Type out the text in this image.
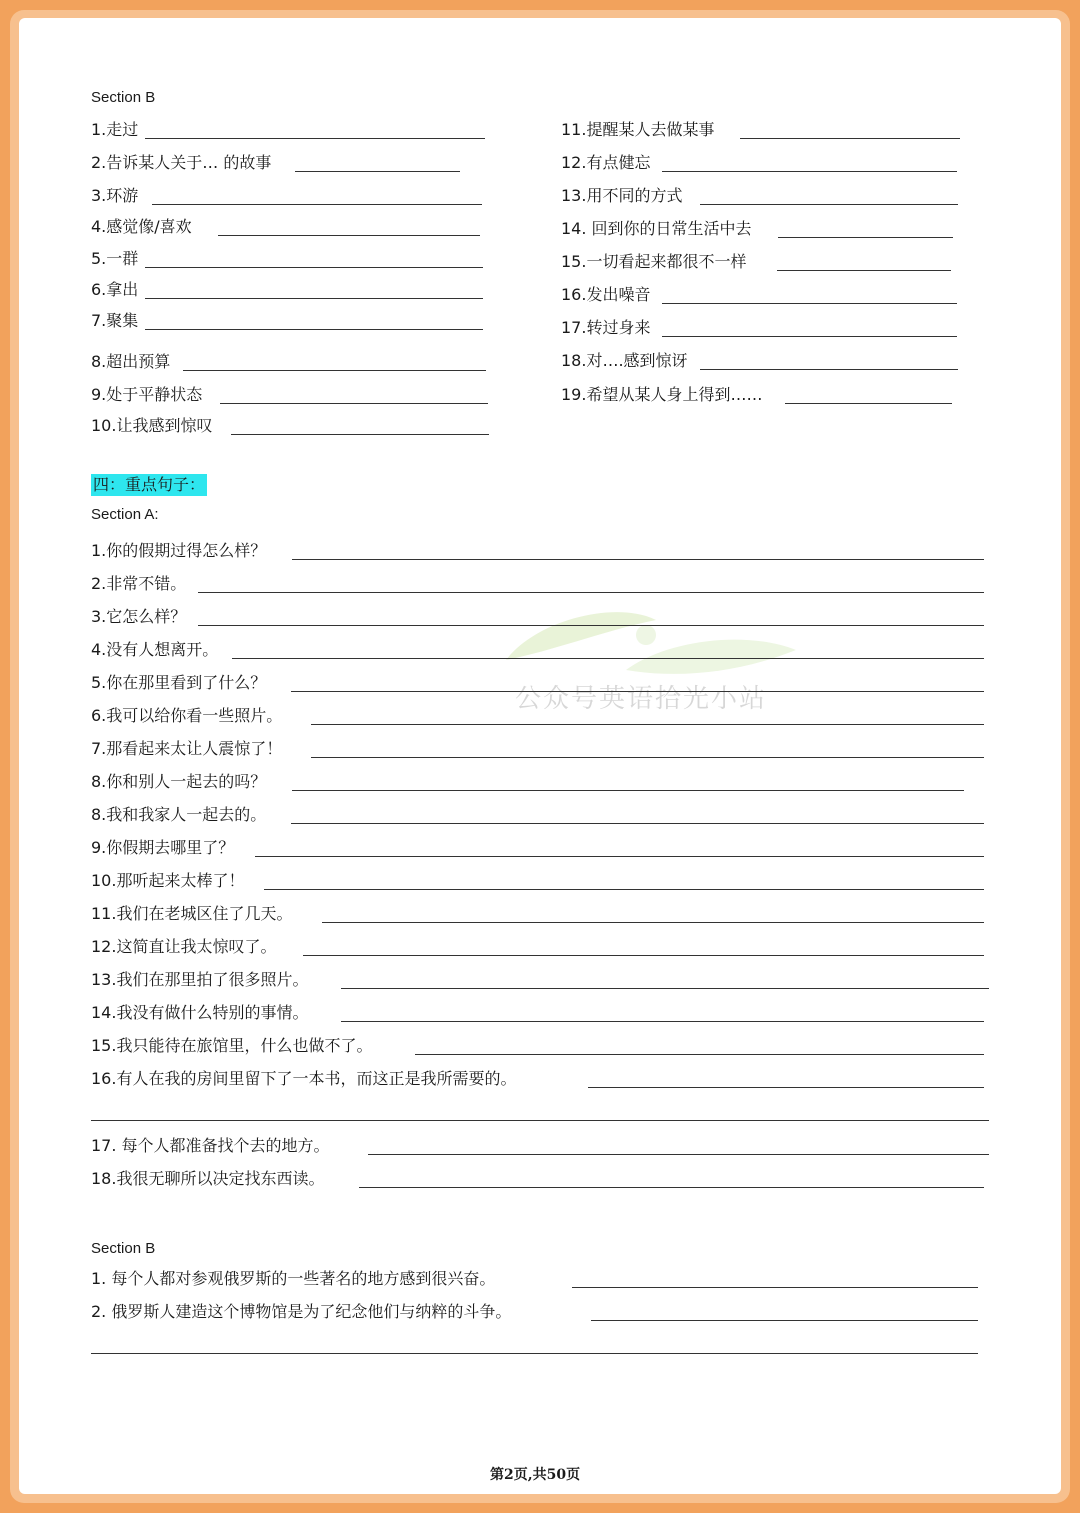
公众号英语拾光小站
Section B
1.走过
2.告诉某人关于… 的故事
3.环游
4.感觉像/喜欢
5.一群
6.拿出
7.聚集
8.超出预算
9.处于平静状态
10.让我感到惊叹
11.提醒某人去做某事
12.有点健忘
13.用不同的方式
14. 回到你的日常生活中去
15.一切看起来都很不一样
16.发出噪音
17.转过身来
18.对….感到惊讶
19.希望从某人身上得到……
四：重点句子：
Section A:
1.你的假期过得怎么样？
2.非常不错。
3.它怎么样？
4.没有人想离开。
5.你在那里看到了什么？
6.我可以给你看一些照片。
7.那看起来太让人震惊了！
8.你和别人一起去的吗？
8.我和我家人一起去的。
9.你假期去哪里了？
10.那听起来太棒了！
11.我们在老城区住了几天。
12.这简直让我太惊叹了。
13.我们在那里拍了很多照片。
14.我没有做什么特别的事情。
15.我只能待在旅馆里，什么也做不了。
16.有人在我的房间里留下了一本书，而这正是我所需要的。
17. 每个人都准备找个去的地方。
18.我很无聊所以决定找东西读。
Section B
1. 每个人都对参观俄罗斯的一些著名的地方感到很兴奋。
2. 俄罗斯人建造这个博物馆是为了纪念他们与纳粹的斗争。
第2页,共50页
